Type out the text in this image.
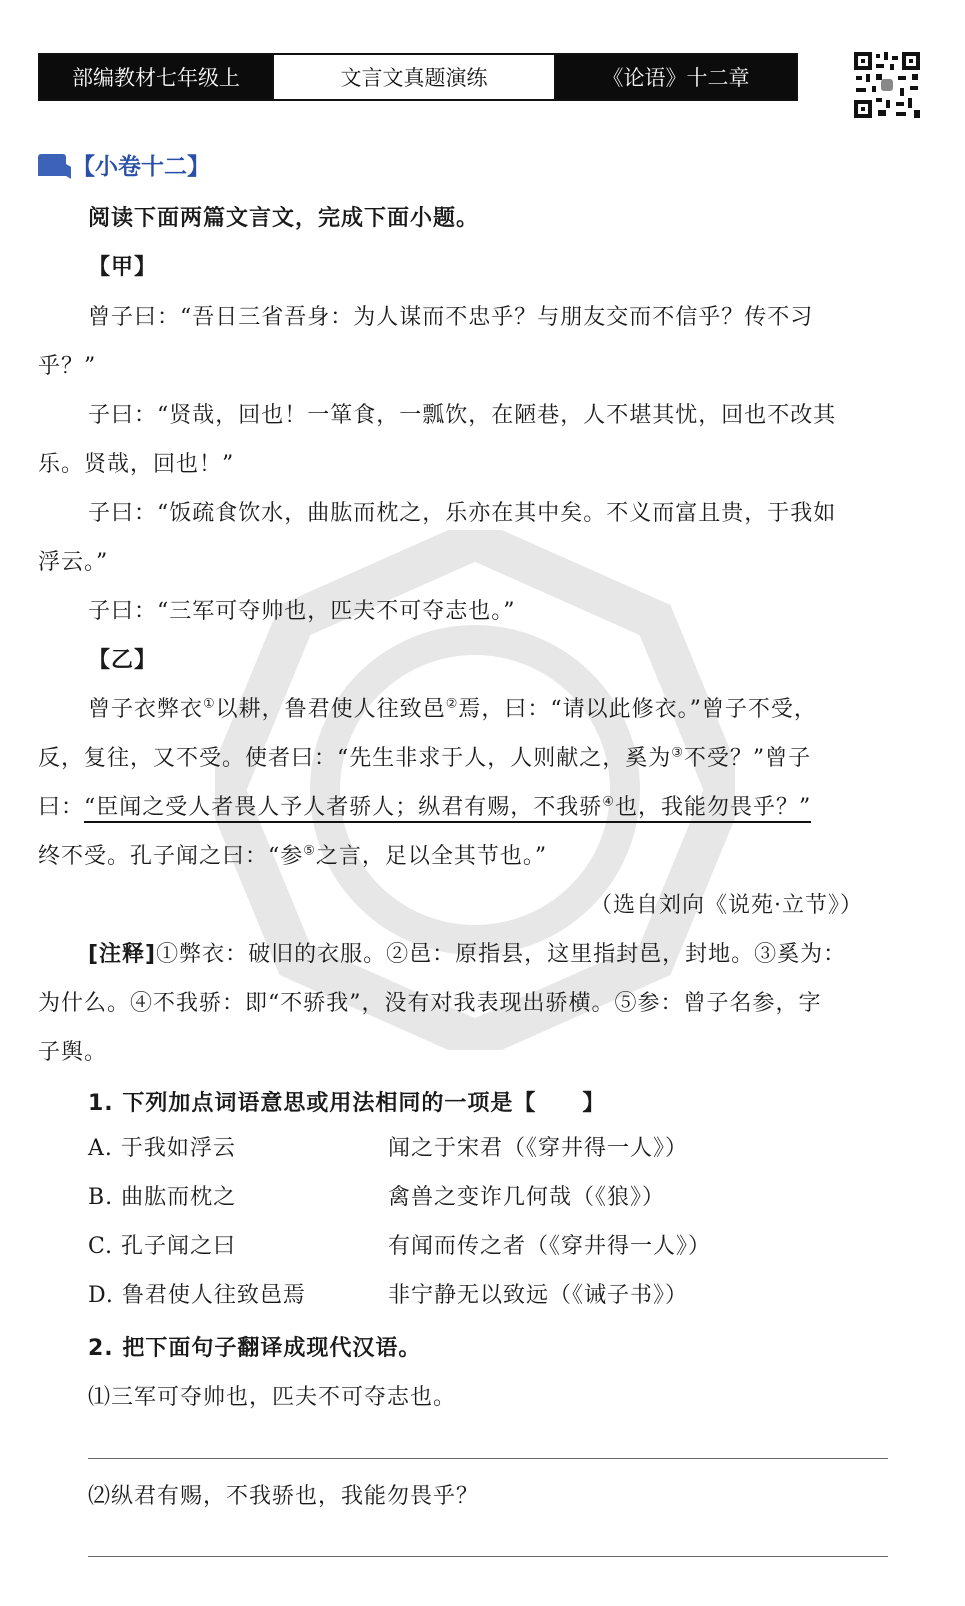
部编教材七年级上	文言文真题演练	《论语》十二章
【小卷十二】
阅读下面两篇文言文，完成下面小题。
【甲】
曾子曰：“吾日三省吾身：为人谋而不忠乎？与朋友交而不信乎？传不习
乎？”
子曰：“贤哉，回也！一箪食，一瓢饮，在陋巷，人不堪其忧，回也不改其
乐。贤哉，回也！”
子曰：“饭疏食饮水，曲肱而枕之，乐亦在其中矣。不义而富且贵，于我如
浮云。”
子曰：“三军可夺帅也，匹夫不可夺志也。”
【乙】
曾子衣弊衣①以耕，鲁君使人往致邑②焉，曰：“请以此修衣。”曾子不受，
反，复往，又不受。使者曰：“先生非求于人，人则献之，奚为③不受？”曾子
曰：“臣闻之受人者畏人予人者骄人；纵君有赐，不我骄④也，我能勿畏乎？”
终不受。孔子闻之曰：“参⑤之言，足以全其节也。”
（选自刘向《说苑·立节》）
[注释]①弊衣：破旧的衣服。②邑：原指县，这里指封邑，封地。③奚为：
为什么。④不我骄：即“不骄我”，没有对我表现出骄横。⑤参：曾子名参，字
子舆。
1. 下列加点词语意思或用法相同的一项是【　　】
A. 于我如浮云	闻之于宋君（《穿井得一人》）
B. 曲肱而枕之	禽兽之变诈几何哉（《狼》）
C. 孔子闻之曰	有闻而传之者（《穿井得一人》）
D. 鲁君使人往致邑焉	非宁静无以致远（《诫子书》）
2. 把下面句子翻译成现代汉语。
⑴三军可夺帅也，匹夫不可夺志也。
⑵纵君有赐，不我骄也，我能勿畏乎？
